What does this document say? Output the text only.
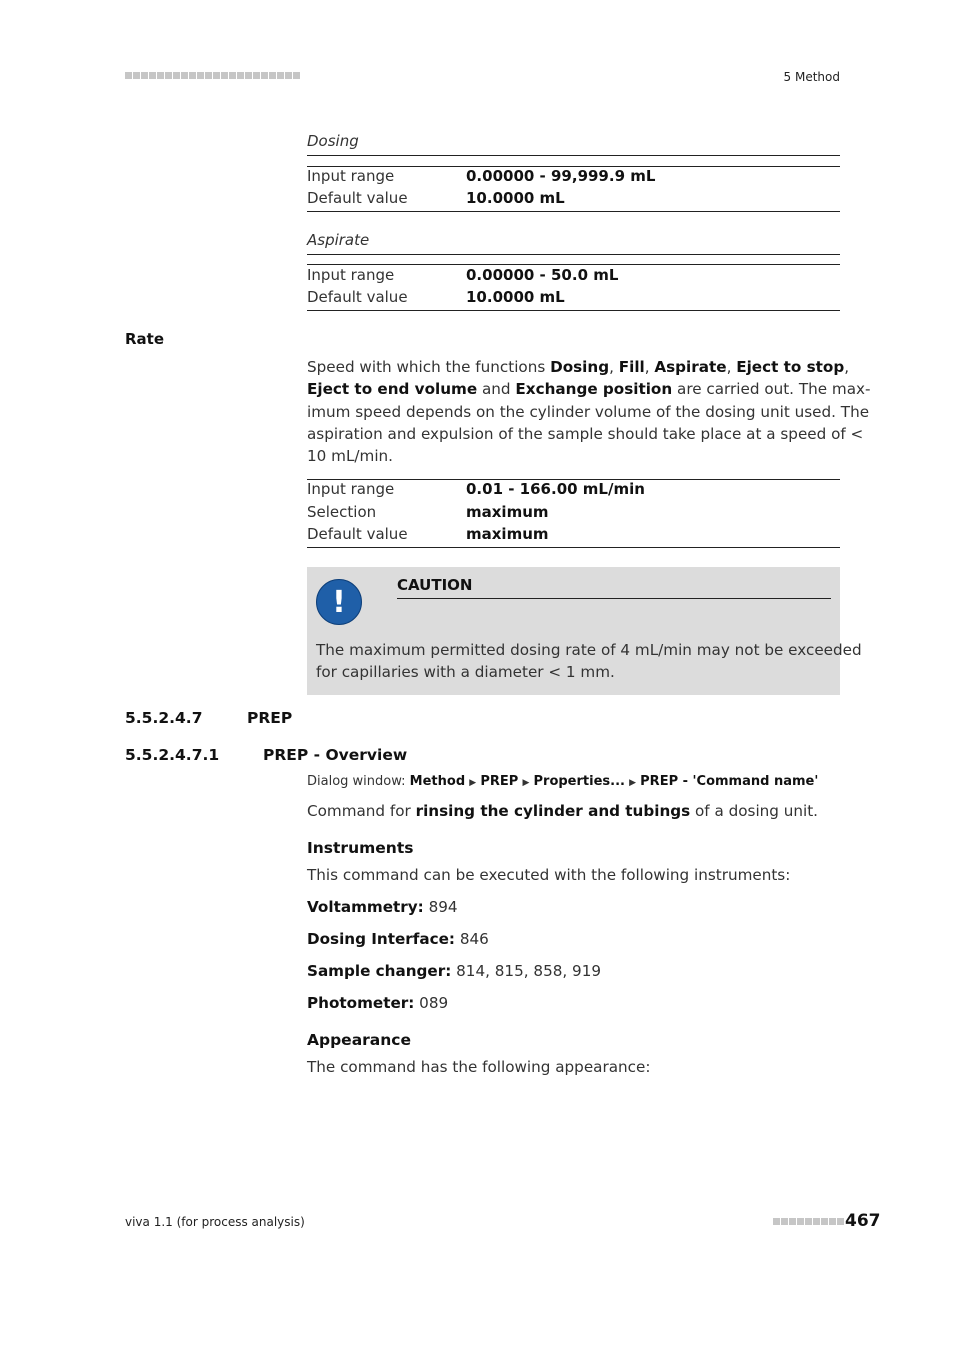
5 Method
Dosing
Input range	0.00000 - 99,999.9 mL
Default value	10.0000 mL
Aspirate
Input range	0.00000 - 50.0 mL
Default value	10.0000 mL
Rate
Speed with which the functions Dosing, Fill, Aspirate, Eject to stop,
Eject to end volume and Exchange position are carried out. The max-
imum speed depends on the cylinder volume of the dosing unit used. The
aspiration and expulsion of the sample should take place at a speed of <
10 mL/min.
Input range	0.01 - 166.00 mL/min
Selection	maximum
Default value	maximum
!	CAUTION
The maximum permitted dosing rate of 4 mL/min may not be exceeded
for capillaries with a diameter < 1 mm.
5.5.2.4.7	PREP
5.5.2.4.7.1	PREP - Overview
Dialog window: Method ▶ PREP ▶ Properties... ▶ PREP - 'Command name'
Command for rinsing the cylinder and tubings of a dosing unit.
Instruments
This command can be executed with the following instruments:
Voltammetry: 894
Dosing Interface: 846
Sample changer: 814, 815, 858, 919
Photometer: 089
Appearance
The command has the following appearance:
viva 1.1 (for process analysis)	467
